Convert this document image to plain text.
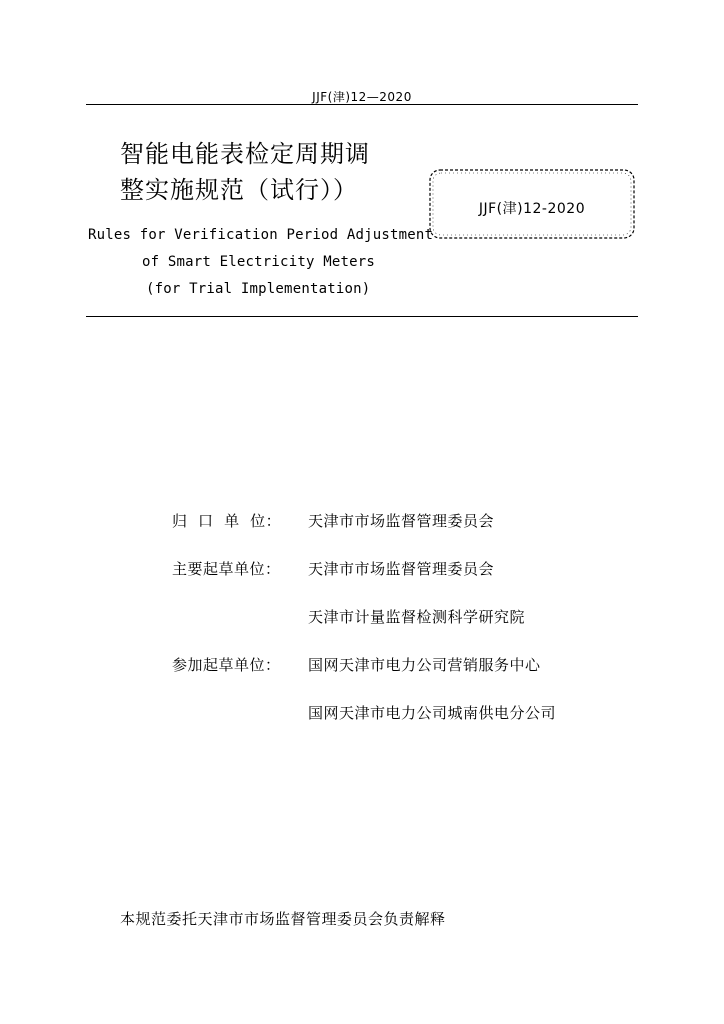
JJF(津)12—2020
智能电能表检定周期调
整实施规范（试行））
JJF(津)12-2020
Rules for Verification Period Adjustment
of Smart Electricity Meters
(for Trial Implementation)
归  口  单  位： 天津市市场监督管理委员会
主要起草单位： 天津市市场监督管理委员会
天津市计量监督检测科学研究院
参加起草单位： 国网天津市电力公司营销服务中心
国网天津市电力公司城南供电分公司
本规范委托天津市市场监督管理委员会负责解释
